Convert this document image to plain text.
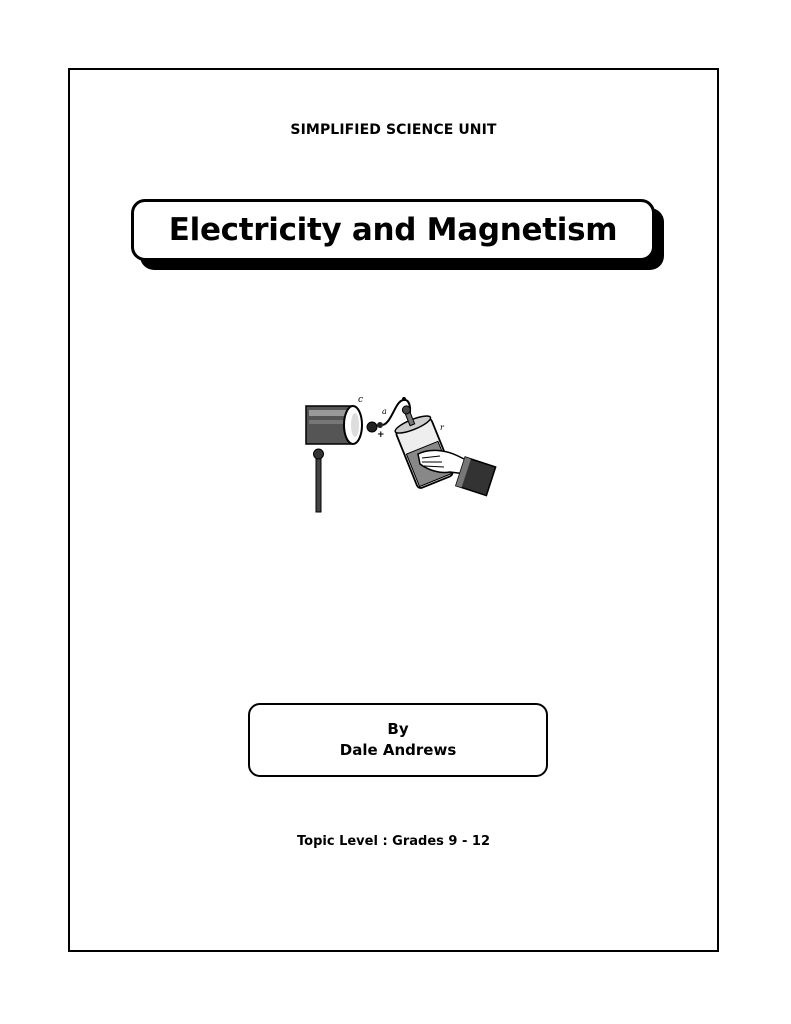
SIMPLIFIED SCIENCE UNIT
Electricity and Magnetism
c
+
a
r
By
Dale Andrews
Topic Level : Grades 9 - 12
